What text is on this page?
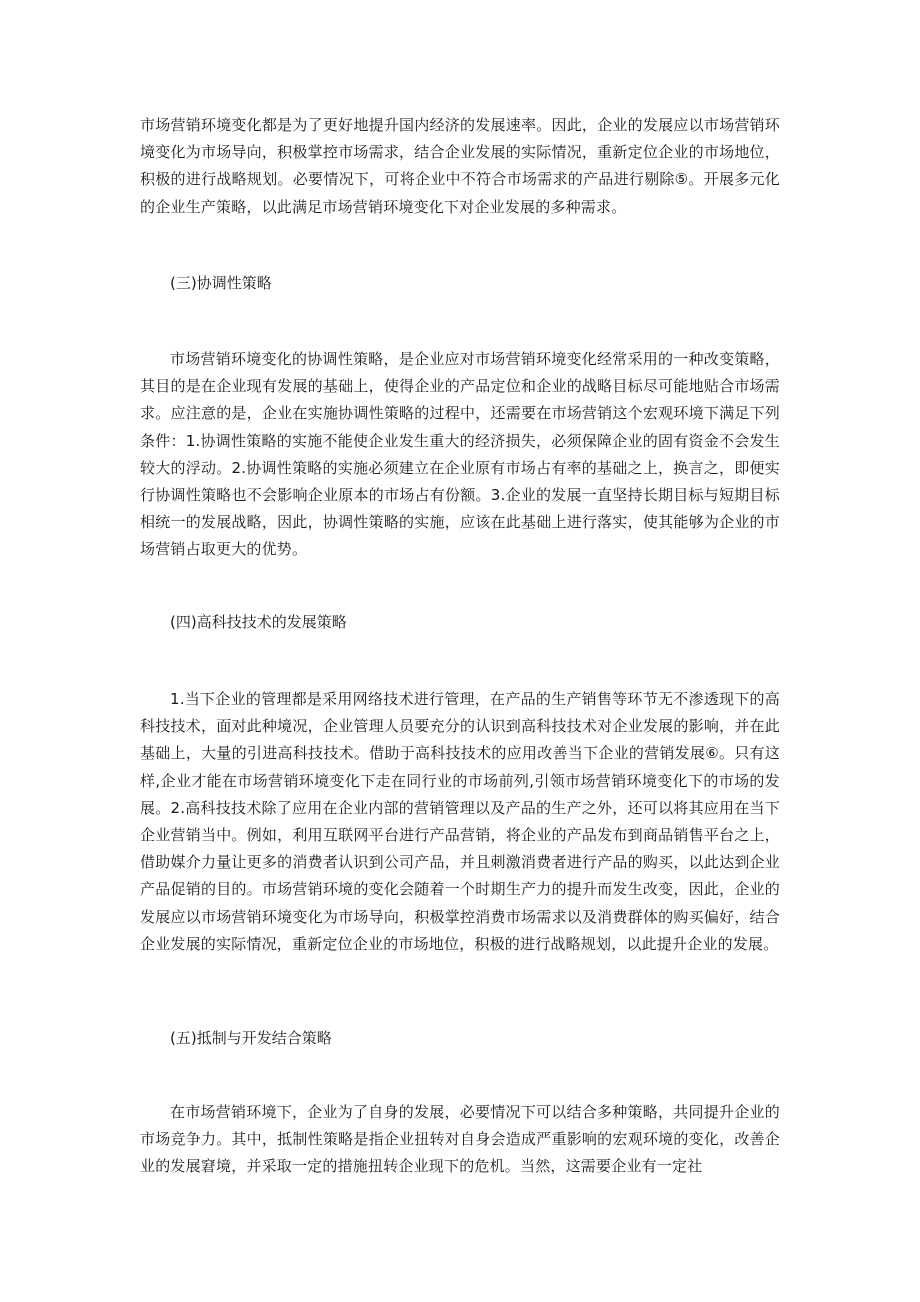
市场营销环境变化都是为了更好地提升国内经济的发展速率。因此，企业的发展应以市场营销环境变化为市场导向，积极掌控市场需求，结合企业发展的实际情况，重新定位企业的市场地位，积极的进行战略规划。必要情况下，可将企业中不符合市场需求的产品进行剔除⑤。开展多元化的企业生产策略，以此满足市场营销环境变化下对企业发展的多种需求。

(三)协调性策略

市场营销环境变化的协调性策略，是企业应对市场营销环境变化经常采用的一种改变策略，其目的是在企业现有发展的基础上，使得企业的产品定位和企业的战略目标尽可能地贴合市场需求。应注意的是，企业在实施协调性策略的过程中，还需要在市场营销这个宏观环境下满足下列条件：1.协调性策略的实施不能使企业发生重大的经济损失，必须保障企业的固有资金不会发生较大的浮动。2.协调性策略的实施必须建立在企业原有市场占有率的基础之上，换言之，即便实行协调性策略也不会影响企业原本的市场占有份额。3.企业的发展一直坚持长期目标与短期目标相统一的发展战略，因此，协调性策略的实施，应该在此基础上进行落实，使其能够为企业的市场营销占取更大的优势。

(四)高科技技术的发展策略

1.当下企业的管理都是采用网络技术进行管理，在产品的生产销售等环节无不渗透现下的高科技技术，面对此种境况，企业管理人员要充分的认识到高科技技术对企业发展的影响，并在此基础上，大量的引进高科技技术。借助于高科技技术的应用改善当下企业的营销发展⑥。只有这样,企业才能在市场营销环境变化下走在同行业的市场前列,引领市场营销环境变化下的市场的发展。2.高科技技术除了应用在企业内部的营销管理以及产品的生产之外，还可以将其应用在当下企业营销当中。例如，利用互联网平台进行产品营销，将企业的产品发布到商品销售平台之上，借助媒介力量让更多的消费者认识到公司产品，并且刺激消费者进行产品的购买，以此达到企业产品促销的目的。市场营销环境的变化会随着一个时期生产力的提升而发生改变，因此，企业的发展应以市场营销环境变化为市场导向，积极掌控消费市场需求以及消费群体的购买偏好，结合企业发展的实际情况，重新定位企业的市场地位，积极的进行战略规划，以此提升企业的发展。

(五)抵制与开发结合策略

在市场营销环境下，企业为了自身的发展，必要情况下可以结合多种策略，共同提升企业的市场竞争力。其中，抵制性策略是指企业扭转对自身会造成严重影响的宏观环境的变化，改善企业的发展窘境，并采取一定的措施扭转企业现下的危机。当然，这需要企业有一定社
